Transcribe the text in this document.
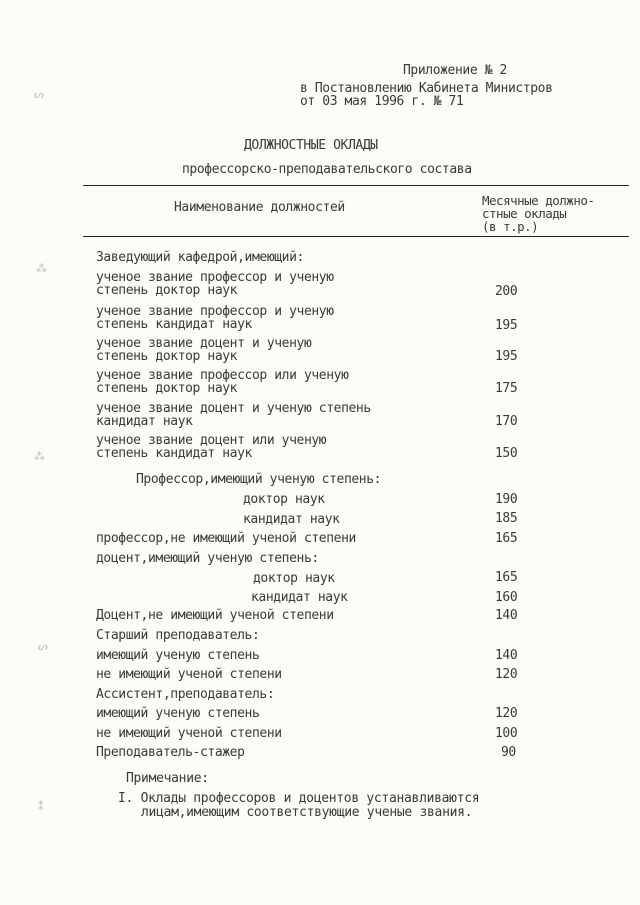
ᔕ
⁂
⁂
ᔕ
⁑
Приложение № 2
в Постановлению Кабинета Министров
от 03 мая 1996 г. № 71
ДОЛЖНОСТНЫЕ ОКЛАДЫ
профессорско-преподавательского состава
Наименование должностей	Месячные должно-
стные оклады
(в т.р.)
Заведующий кафедрой,имеющий:
ученое звание профессор и ученую
степень доктор наук	200
ученое звание профессор и ученую
степень кандидат наук	195
ученое звание доцент и ученую
степень доктор наук	195
ученое звание профессор или ученую
степень доктор наук	175
ученое звание доцент и ученую степень
кандидат наук	170
ученое звание доцент или ученую
степень кандидат наук	150
Профессор,имеющий ученую степень:
доктор наук	190
кандидат наук	185
профессор,не имеющий ученой степени	165
доцент,имеющий ученую степень:
доктор наук	165
кандидат наук	160
Доцент,не имеющий ученой степени	140
Старший преподаватель:
имеющий ученую степень	140
не имеющий ученой степени	120
Ассистент,преподаватель:
имеющий ученую степень	120
не имеющий ученой степени	100
Преподаватель-стажер	90
Примечание:
I. Оклады профессоров и доцентов устанавливаются
лицам,имеющим соответствующие ученые звания.
